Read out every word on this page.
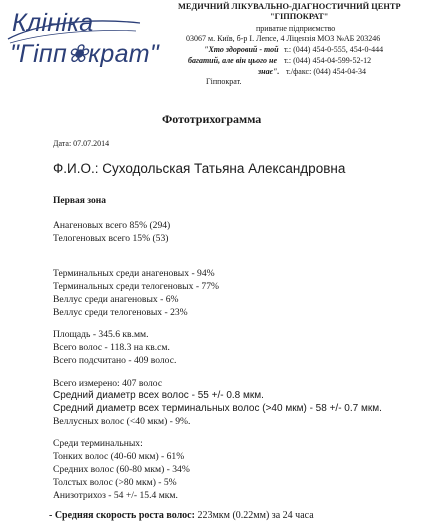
Клініка
"Гіпп❀крат"
МЕДИЧНИЙ ЛІКУВАЛЬНО-ДІАГНОСТИЧНИЙ ЦЕНТР
"ГІППОКРАТ"
приватне підприємство
03067 м. Київ, б-р І. Лепсе, 4 Ліцензія МОЗ №АБ 203246
"Хто здоровий - той
багатий, але він цього не
знає".
Гіппократ.
т.: (044) 454-0-555, 454-0-444
т.: (044) 454-04-599-52-12
т./факс: (044) 454-04-34
Фототрихограмма
Дата: 07.07.2014
Ф.И.О.: Суходольская Татьяна Александровна
Первая зона
Анагеновых всего 85% (294)
Телогеновых всего 15% (53)
Терминальных среди анагеновых - 94%
Терминальных среди телогеновых - 77%
Веллус среди анагеновых - 6%
Веллус среди телогеновых - 23%
Площадь - 345.6 кв.мм.
Всего волос - 118.3 на кв.см.
Всего подсчитано - 409 волос.
Всего измерено: 407 волос
Средний диаметр всех волос - 55 +/- 0.8 мкм.
Средний диаметр всех терминальных волос (>40 мкм) - 58 +/- 0.7 мкм.
Веллусных волос (<40 мкм) - 9%.
Среди терминальных:
Тонких волос (40-60 мкм) - 61%
Средних волос (60-80 мкм) - 34%
Толстых волос (>80 мкм) - 5%
Анизотрихоз - 54 +/- 15.4 мкм.
- Средняя скорость роста волос: 223мкм (0.22мм) за 24 часа
